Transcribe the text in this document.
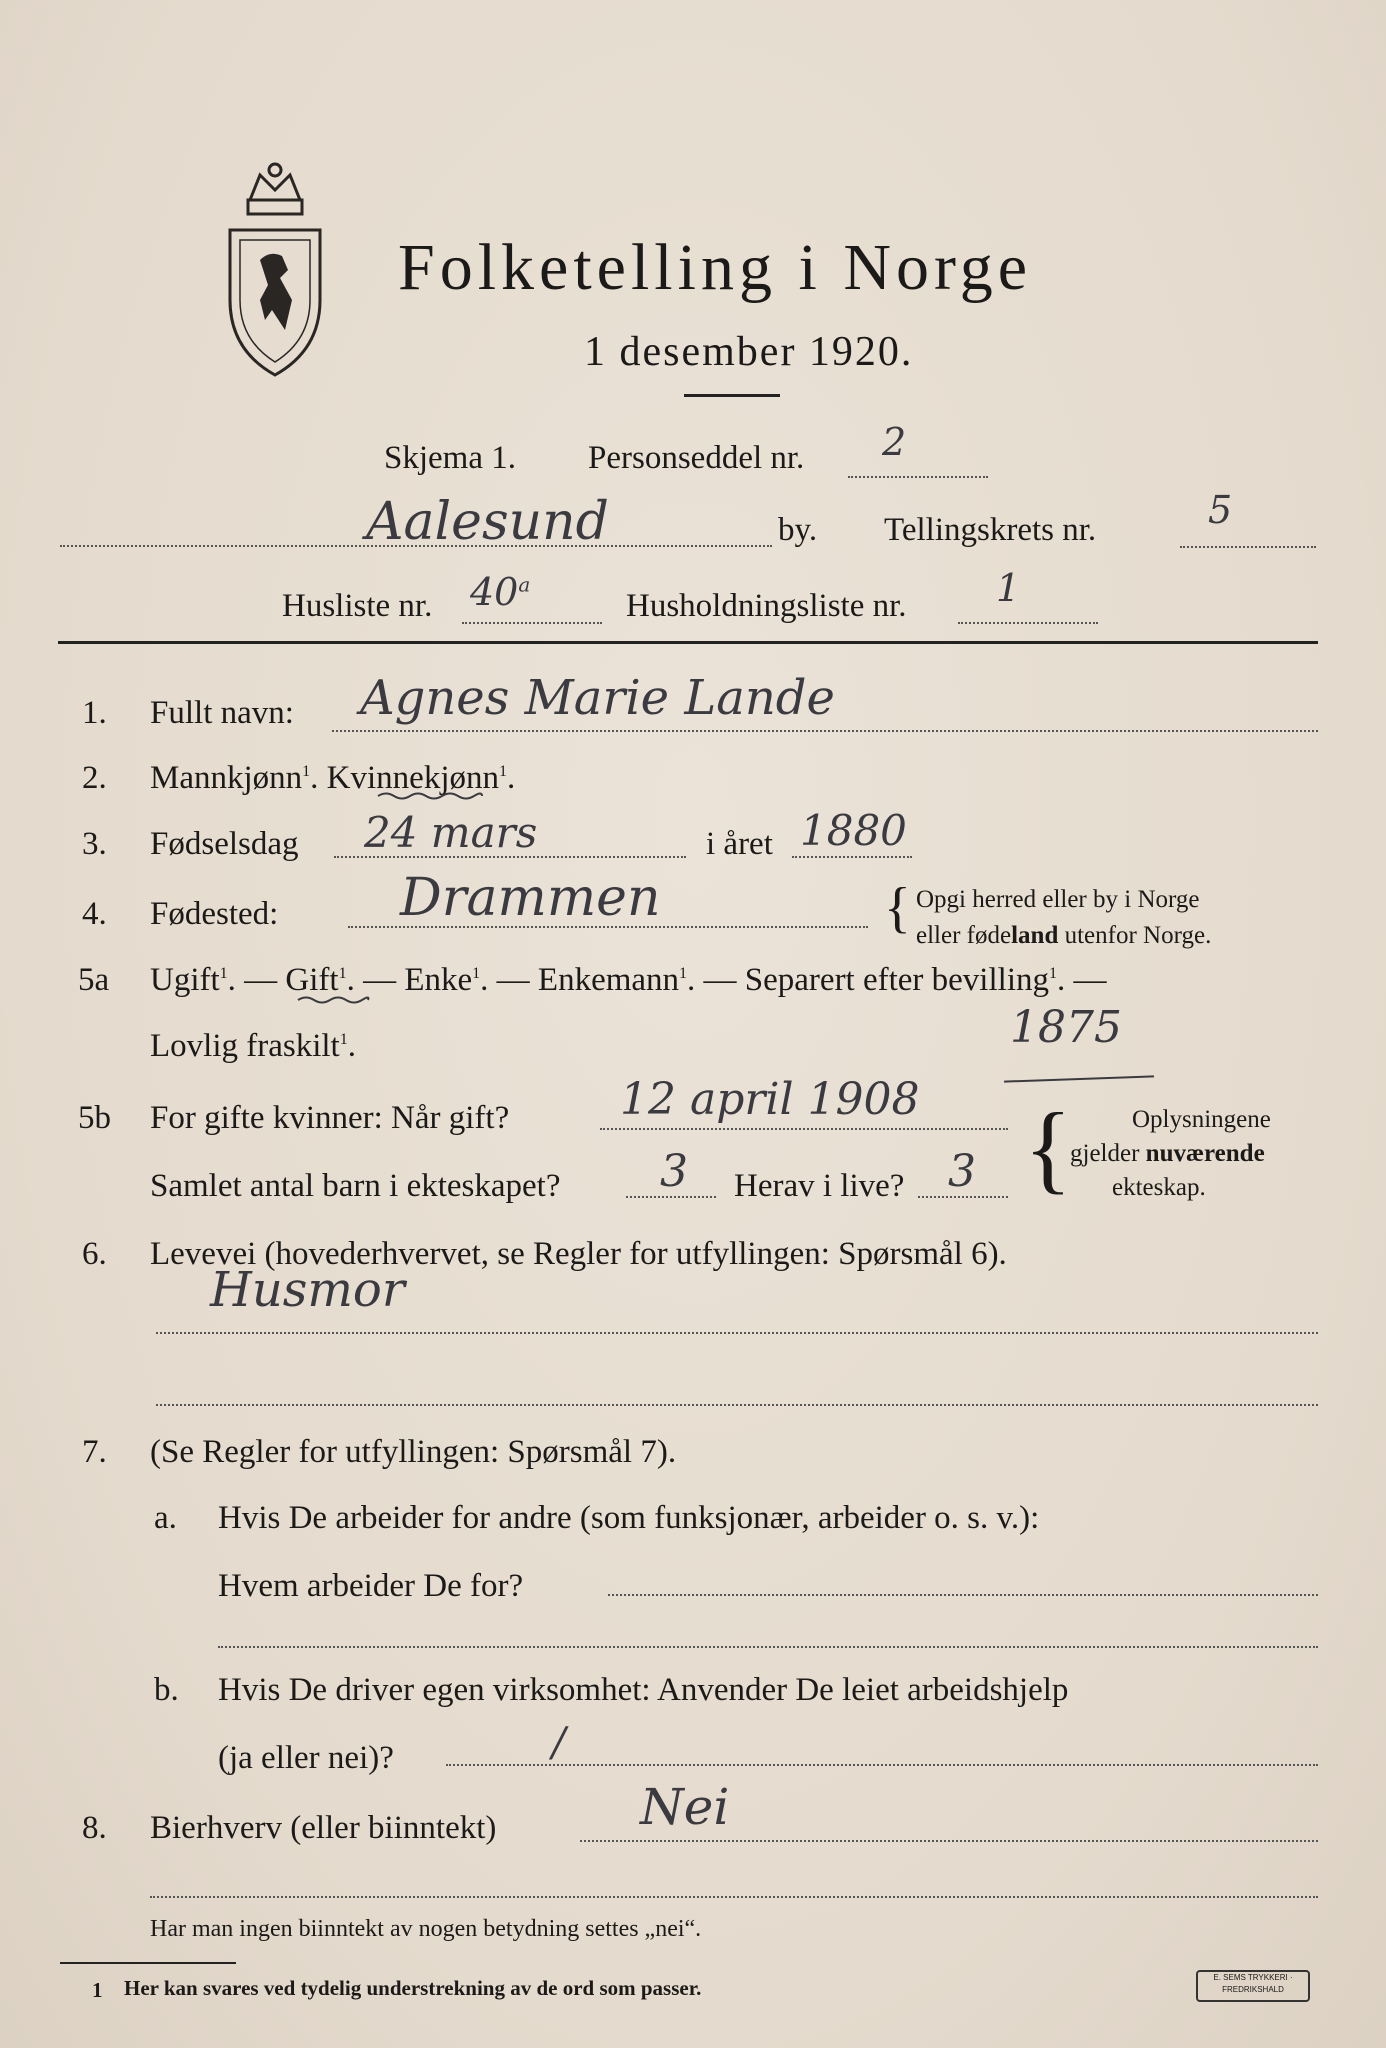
Folketelling i Norge
1 desember 1920.
Skjema 1. Personseddel nr. 2
Aalesund	by. Tellingskrets nr.	5
Husliste nr. 40$^a$
Husholdningsliste nr. 1
1. Fullt navn: Agnes Marie Lande
2. Mannkjønn$^1$. Kvinnekjønn$^1$.
3. Fødselsdag 24 mars	i året 1880
4. Fødested: Drammen	{ Opgi herred eller by i Norge
eller fødeland utenfor Norge.
5a Ugift$^1$. — Gift$^1$. — Enke$^1$. — Enkemann$^1$. — Separert efter bevilling$^1$. —
Lovlig fraskilt$^1$.	1875
5b For gifte kvinner: Når gift?	12 april 1908
Samlet antal barn i ekteskapet? 3 Herav i live? 3 { Oplysningene
gjelder nuværende
ekteskap.
6. Levevei (hovederhvervet, se Regler for utfyllingen: Spørsmål 6).
Husmor
7. (Se Regler for utfyllingen: Spørsmål 7).
a. Hvis De arbeider for andre (som funksjonær, arbeider o. s. v.):
Hvem arbeider De for?
b. Hvis De driver egen virksomhet: Anvender De leiet arbeidshjelp
(ja eller nei)?	/
8. Bierhverv (eller biinntekt)	Nei
Har man ingen biinntekt av nogen betydning settes „nei“.
1 Her kan svares ved tydelig understrekning av de ord som passer.	E. SEMS TRYKKERI · FREDRIKSHALD
